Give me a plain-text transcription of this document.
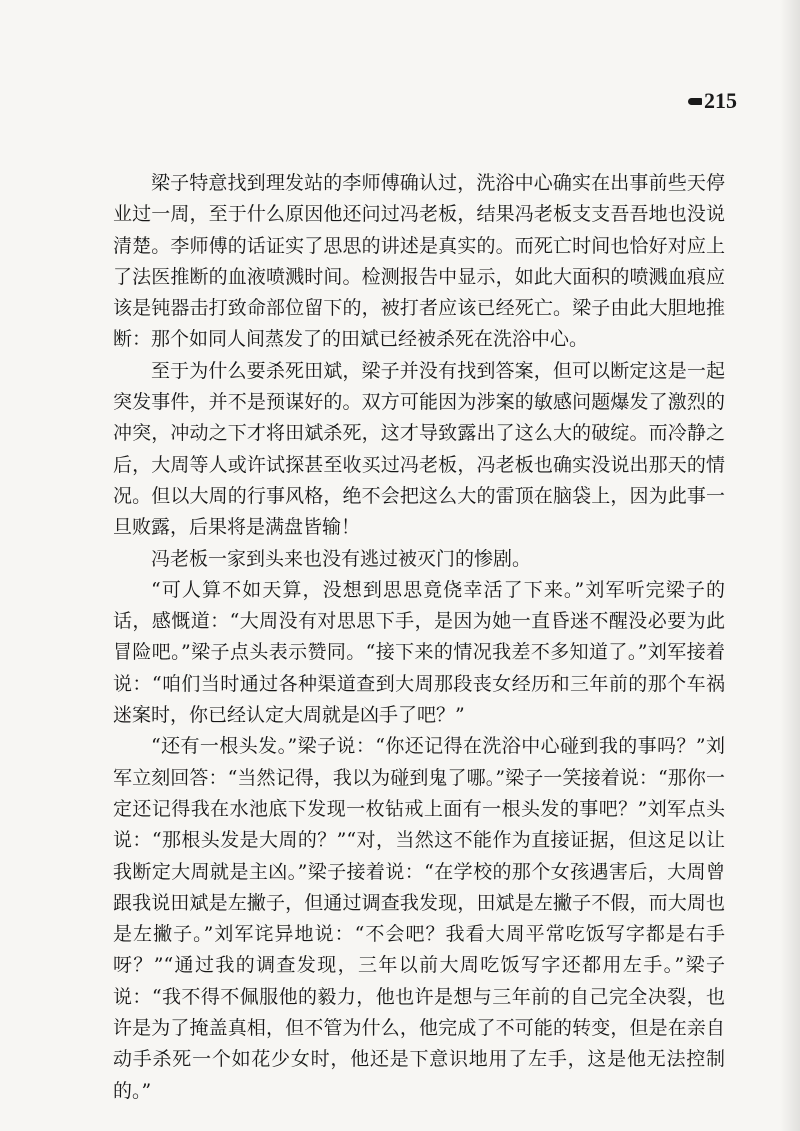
215

梁子特意找到理发站的李师傅确认过，洗浴中心确实在出事前些天停业过一周，至于什么原因他还问过冯老板，结果冯老板支支吾吾地也没说清楚。李师傅的话证实了思思的讲述是真实的。而死亡时间也恰好对应上了法医推断的血液喷溅时间。检测报告中显示，如此大面积的喷溅血痕应该是钝器击打致命部位留下的，被打者应该已经死亡。梁子由此大胆地推断：那个如同人间蒸发了的田斌已经被杀死在洗浴中心。

至于为什么要杀死田斌，梁子并没有找到答案，但可以断定这是一起突发事件，并不是预谋好的。双方可能因为涉案的敏感问题爆发了激烈的冲突，冲动之下才将田斌杀死，这才导致露出了这么大的破绽。而冷静之后，大周等人或许试探甚至收买过冯老板，冯老板也确实没说出那天的情况。但以大周的行事风格，绝不会把这么大的雷顶在脑袋上，因为此事一旦败露，后果将是满盘皆输！

冯老板一家到头来也没有逃过被灭门的惨剧。

“可人算不如天算，没想到思思竟侥幸活了下来。”刘军听完梁子的话，感慨道：“大周没有对思思下手，是因为她一直昏迷不醒没必要为此冒险吧。”梁子点头表示赞同。“接下来的情况我差不多知道了。”刘军接着说：“咱们当时通过各种渠道查到大周那段丧女经历和三年前的那个车祸迷案时，你已经认定大周就是凶手了吧？”

“还有一根头发。”梁子说：“你还记得在洗浴中心碰到我的事吗？”刘军立刻回答：“当然记得，我以为碰到鬼了哪。”梁子一笑接着说：“那你一定还记得我在水池底下发现一枚钻戒上面有一根头发的事吧？”刘军点头说：“那根头发是大周的？”“对，当然这不能作为直接证据，但这足以让我断定大周就是主凶。”梁子接着说：“在学校的那个女孩遇害后，大周曾跟我说田斌是左撇子，但通过调查我发现，田斌是左撇子不假，而大周也是左撇子。”刘军诧异地说：“不会吧？我看大周平常吃饭写字都是右手呀？”“通过我的调查发现，三年以前大周吃饭写字还都用左手。”梁子说：“我不得不佩服他的毅力，他也许是想与三年前的自己完全决裂，也许是为了掩盖真相，但不管为什么，他完成了不可能的转变，但是在亲自动手杀死一个如花少女时，他还是下意识地用了左手，这是他无法控制的。”
